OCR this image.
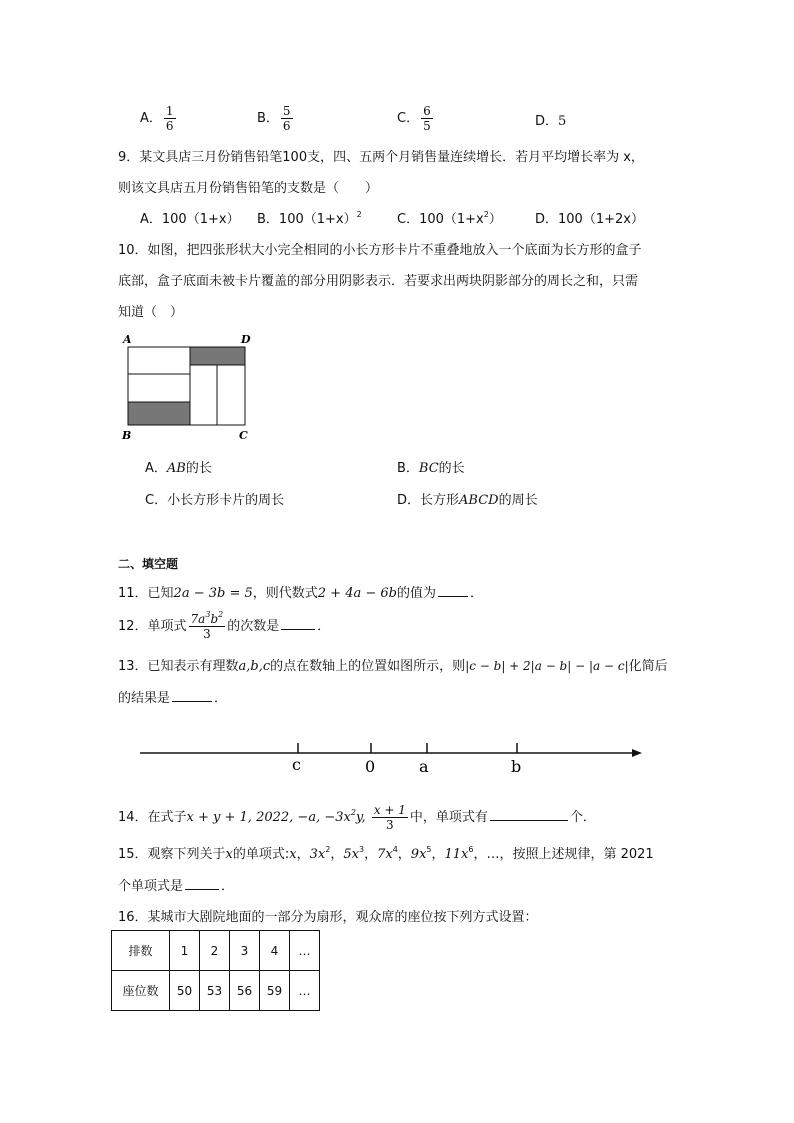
A． $\frac{1}{6}$	B． $\frac{5}{6}$	C． $\frac{6}{5}$	D．5
9．某文具店三月份销售铅笔100支，四、五两个月销售量连续增长．若月平均增长率为 x，
则该文具店五月份销售铅笔的支数是（　　）
A．100（1+x） B．$100(1+x)^2$	C．$100(1+x^2)$	D．100（1+2x）
10．如图，把四张形状大小完全相同的小长方形卡片不重叠地放入一个底面为长方形的盒子
底部，盒子底面未被卡片覆盖的部分用阴影表示．若要求出两块阴影部分的周长之和，只需
知道（　）
A	D
B	C
A．AB的长	B．BC的长
C．小长方形卡片的周长	D．长方形ABCD的周长
二、填空题
11．已知2a − 3b = 5，则代数式2 + 4a − 6b的值为	．
12．单项式 $\frac{7a^3b^2}{3}$ 的次数是	．
13．已知表示有理数a,b,c的点在数轴上的位置如图所示，则|c − b| + 2|a − b| − |a − c|化简后
的结果是	．
c	0	a	b
14．在式子x + y + 1, 2022, −a, $-3x^2y$, $\frac{x + 1}{3}$ 中，单项式有	个．
15．观察下列关于x的单项式:x，$3x^2$，$5x^3$，$7x^4$，$9x^5$，$11x^6$，…，按照上述规律，第 2021
个单项式是	．
16．某城市大剧院地面的一部分为扇形，观众席的座位按下列方式设置：
排数	1	2	3	4	…
座位数	50	53	56	59	…
